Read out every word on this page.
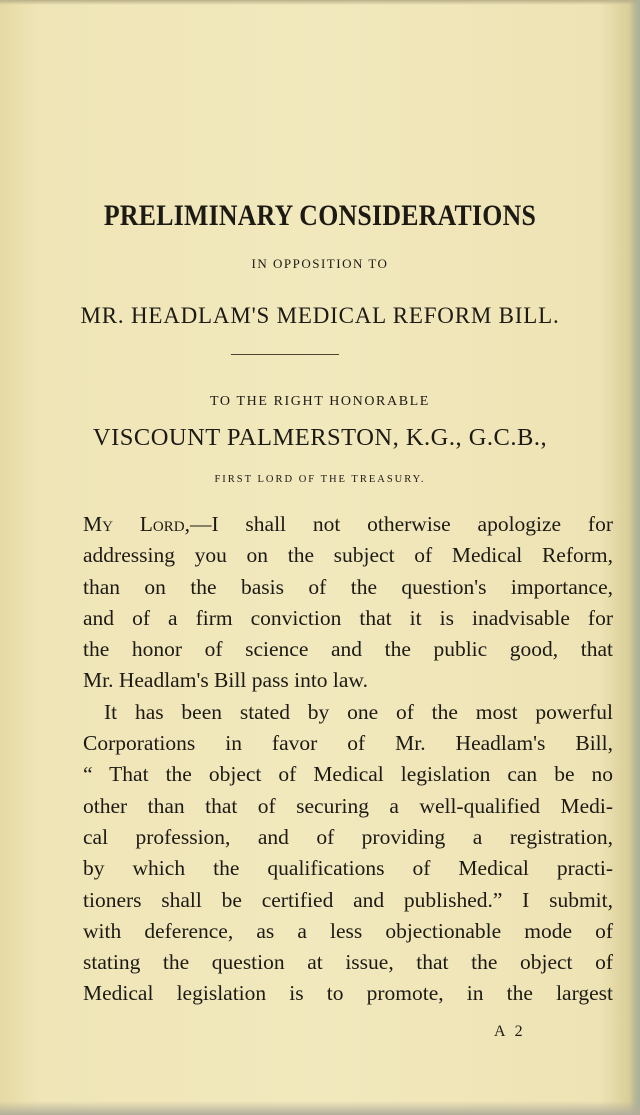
PRELIMINARY CONSIDERATIONS
IN OPPOSITION TO
MR. HEADLAM'S MEDICAL REFORM BILL.
TO THE RIGHT HONORABLE
VISCOUNT PALMERSTON, K.G., G.C.B.,
FIRST LORD OF THE TREASURY.
My Lord,—I shall not otherwise apologize for
addressing you on the subject of Medical Reform,
than on the basis of the question's importance,
and of a firm conviction that it is inadvisable for
the honor of science and the public good, that
Mr. Headlam's Bill pass into law.
It has been stated by one of the most powerful
Corporations in favor of Mr. Headlam's Bill,
“ That the object of Medical legislation can be no
other than that of securing a well-qualified Medi-
cal profession, and of providing a registration,
by which the qualifications of Medical practi-
tioners shall be certified and published.” I submit,
with deference, as a less objectionable mode of
stating the question at issue, that the object of
Medical legislation is to promote, in the largest
A 2
